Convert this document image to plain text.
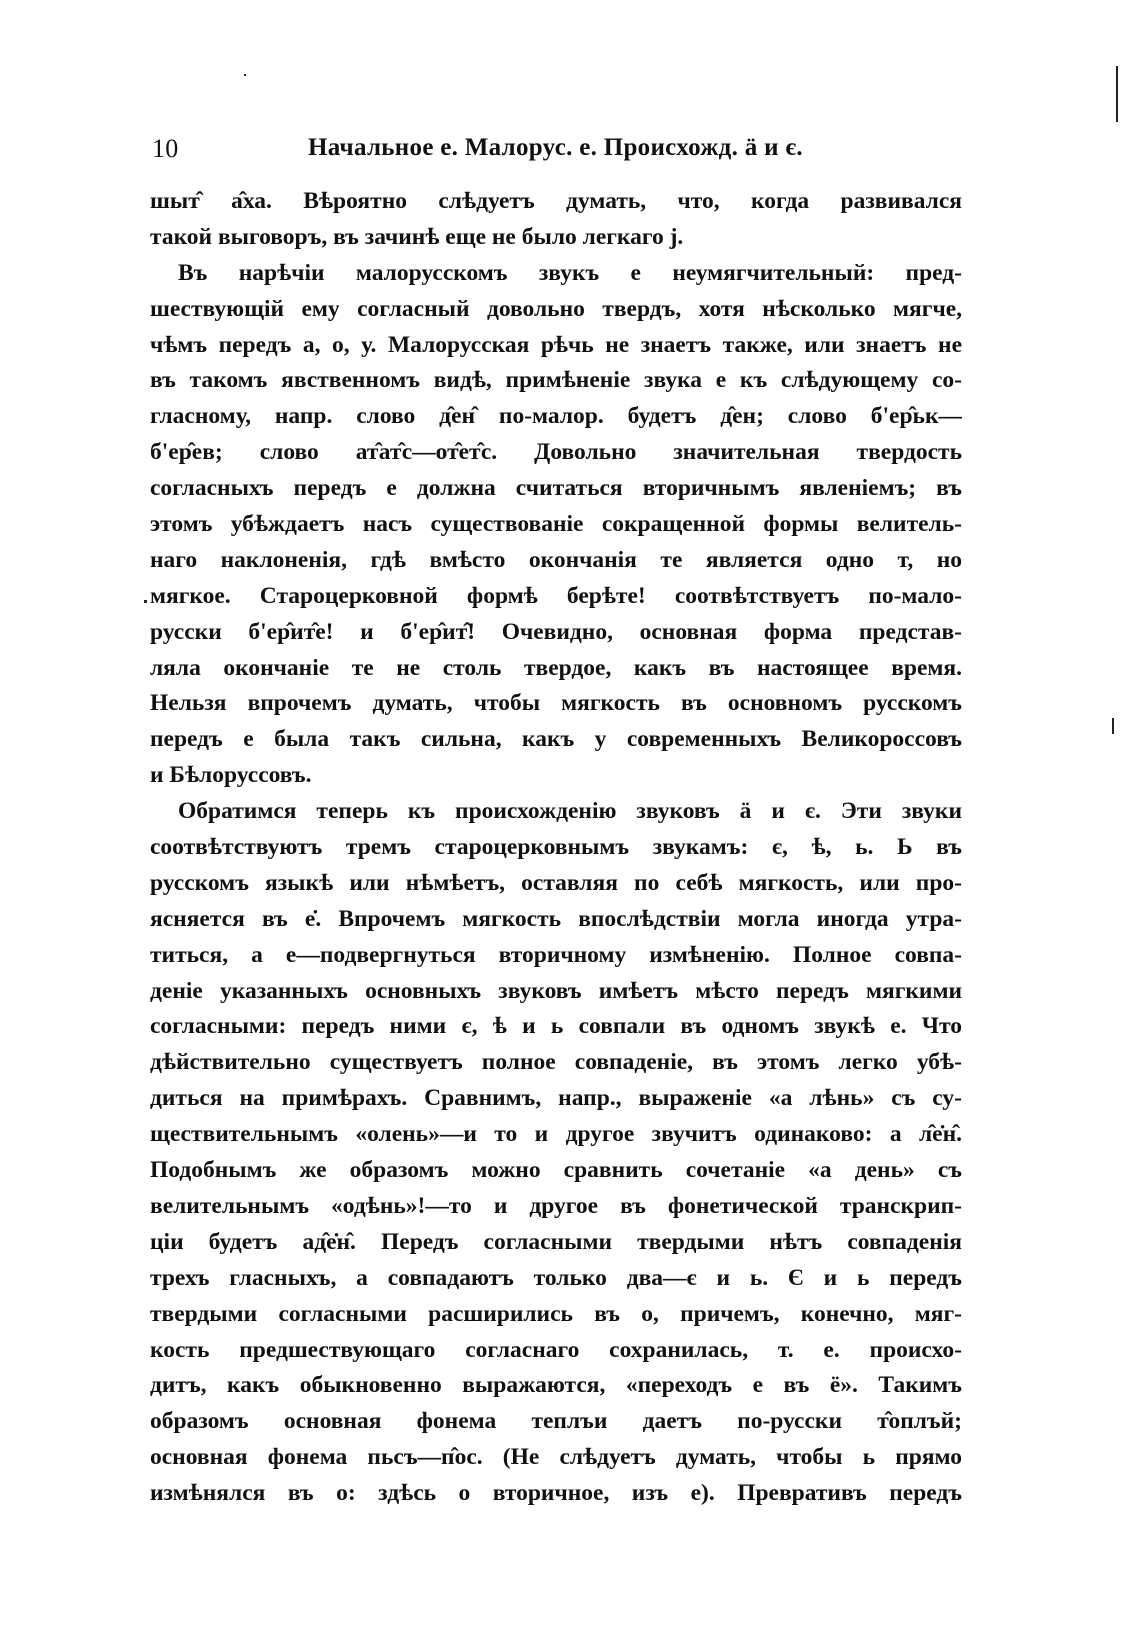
10	Начальное е. Малорус. е. Происхожд. ä и є.
шыт̂ а̂ха. Вѣроятно слѣдуетъ думать, что, когда развивался
такой выговоръ, въ зачинѣ еще не было легкаго j.
Въ нарѣчіи малорусскомъ звукъ е неумягчительный: пред-
шествующій ему согласный довольно твердъ, хотя нѣсколько мягче,
чѣмъ передъ а, о, у. Малорусская рѣчь не знаетъ также, или знаетъ не
въ такомъ явственномъ видѣ, примѣненіе звука е къ слѣдующему со-
гласному, напр. слово д̂ен̂ по-малор. будетъ д̂ен; слово б'ер̂ьк—
б'ер̂ев; слово ат̂ат̂с—от̂ет̂с. Довольно значительная твердость
согласныхъ передъ е должна считаться вторичнымъ явленіемъ; въ
этомъ убѣждаетъ насъ существованіе сокращенной формы велитель-
наго наклоненія, гдѣ вмѣсто окончанія те является одно т, но
мягкое. Староцерковной формѣ берѣте! соотвѣтствуетъ по-мало-
русски б'ер̂ит̂е! и б'ер̂ит̂! Очевидно, основная форма представ-
ляла окончаніе те не столь твердое, какъ въ настоящее время.
Нельзя впрочемъ думать, чтобы мягкость въ основномъ русскомъ
передъ е была такъ сильна, какъ у современныхъ Великороссовъ
и Бѣлоруссовъ.
Обратимся теперь къ происхожденію звуковъ ä и є. Эти звуки
соотвѣтствуютъ тремъ староцерковнымъ звукамъ: є, ѣ, ь. Ь въ
русскомъ языкѣ или нѣмѣетъ, оставляя по себѣ мягкость, или про-
ясняется въ е̇. Впрочемъ мягкость впослѣдствіи могла иногда утра-
титься, а е—подвергнуться вторичному измѣненію. Полное совпа-
деніе указанныхъ основныхъ звуковъ имѣетъ мѣсто передъ мягкими
согласными: передъ ними є, ѣ и ь совпали въ одномъ звукѣ е. Что
дѣйствительно существуетъ полное совпаденіе, въ этомъ легко убѣ-
диться на примѣрахъ. Сравнимъ, напр., выраженіе «а лѣнь» съ су-
ществительнымъ «олень»—и то и другое звучитъ одинаково: а л̂е̇н̂.
Подобнымъ же образомъ можно сравнить сочетаніе «а день» съ
велительнымъ «одѣнь»!—то и другое въ фонетической транскрип-
ціи будетъ ад̂е̇н̂. Передъ согласными твердыми нѣтъ совпаденія
трехъ гласныхъ, а совпадаютъ только два—є и ь. Є и ь передъ
твердыми согласными расширились въ о, причемъ, конечно, мяг-
кость предшествующаго согласнаго сохранилась, т. е. происхо-
дитъ, какъ обыкновенно выражаются, «переходъ е въ ё». Такимъ
образомъ основная фонема теплъи даетъ по-русски т̂оплъй;
основная фонема пьсъ—п̂ос. (Не слѣдуетъ думать, чтобы ь прямо
измѣнялся въ о: здѣсь о вторичное, изъ е). Превративъ передъ
